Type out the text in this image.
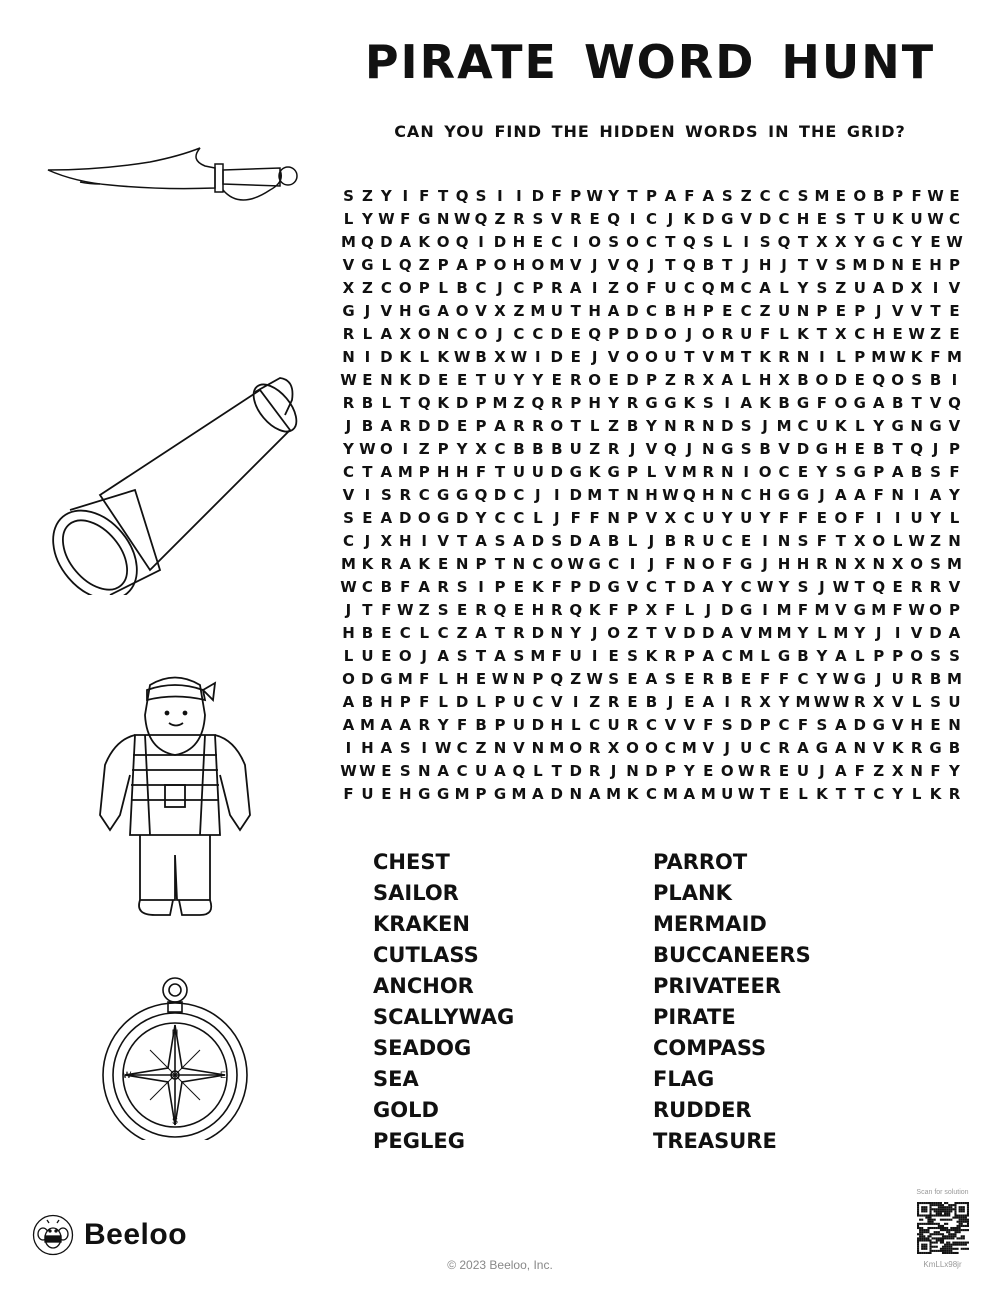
PIRATE WORD HUNT
CAN YOU FIND THE HIDDEN WORDS IN THE GRID?
S Z Y I F T Q S I I D F P W Y T P A F A S Z C C S M E O B P F W E
L Y W F G N W Q Z R S V R E Q I C J K D G V D C H E S T U K U W C
M Q D A K O Q I D H E C I O S O C T Q S L I S Q T X X Y G C Y E W
V G L Q Z P A P O H O M V J V Q J T Q B T J H J T V S M D N E H P
X Z C O P L B C J C P R A I Z O F U C Q M C A L Y S Z U A D X I V
G J V H G A O V X Z M U T H A D C B H P E C Z U N P E P J V V T E
R L A X O N C O J C C D E Q P D D O J O R U F L K T X C H E W Z E
N I D K L K W B X W I D E J V O O U T V M T K R N I L P M W K F M
W E N K D E E T U Y Y E R O E D P Z R X A L H X B O D E Q O S B I
R B L T Q K D P M Z Q R P H Y R G G K S I A K B G F O G A B T V Q
J B A R D D E P A R R O T L Z B Y N R N D S J M C U K L Y G N G V
Y W O I Z P Y X C B B B U Z R J V Q J N G S B V D G H E B T Q J P
C T A M P H H F T U U D G K G P L V M R N I O C E Y S G P A B S F
V I S R C G G Q D C J I D M T N H W Q H N C H G G J A A F N I A Y
S E A D O G D Y C C L J F F N P V X C U Y U Y F F E O F I I U Y L
C J X H I V T A S A D S D A B L J B R U C E I N S F T X O L W Z N
M K R A K E N P T N C O W G C I J F N O F G J H H R N X N X O S M
W C B F A R S I P E K F P D G V C T D A Y C W Y S J W T Q E R R V
J T F W Z S E R Q E H R Q K F P X F L J D G I M F M V G M F W O P
H B E C L C Z A T R D N Y J O Z T V D D A V M M Y L M Y J I V D A
L U E O J A S T A S M F U I E S K R P A C M L G B Y A L P P O S S
O D G M F L H E W N P Q Z W S E A S E R B E F F C Y W G J U R B M
A B H P F L D L P U C V I Z R E B J E A I R X Y M W W R X V L S U
A M A A R Y F B P U D H L C U R C V V F S D P C F S A D G V H E N
I H A S I W C Z N V N M O R X O O C M V J U C R A G A N V K R G B
W W E S N A C U A Q L T D R J N D P Y E O W R E U J A F Z X N F Y
F U E H G G M P G M A D N A M K C M A M U W T E L K T T C Y L K R
CHEST
SAILOR
KRAKEN
CUTLASS
ANCHOR
SCALLYWAG
SEADOG
SEA
GOLD
PEGLEG
PARROT
PLANK
MERMAID
BUCCANEERS
PRIVATEER
PIRATE
COMPASS
FLAG
RUDDER
TREASURE
N
S
E
W
Beeloo
© 2023 Beeloo, Inc.
Scan for solution
KmLLx98jr
